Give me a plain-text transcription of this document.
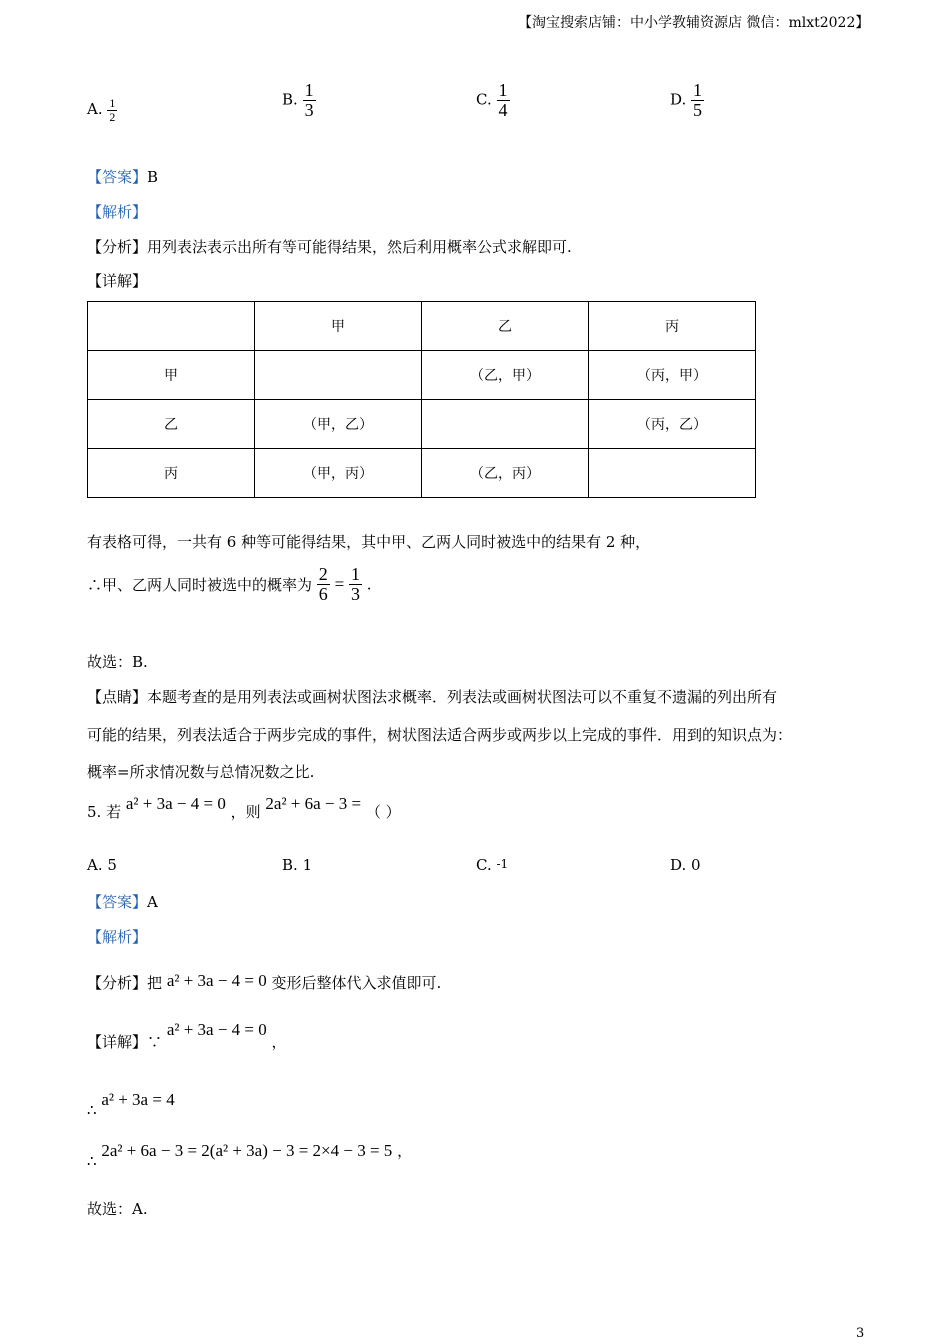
【淘宝搜索店铺：中小学教辅资源店 微信：mlxt2022】
A. $\frac{1}{2}$	B. $\frac{1}{3}$	C. $\frac{1}{4}$	D. $\frac{1}{5}$
【答案】B
【解析】
【分析】用列表法表示出所有等可能得结果，然后利用概率公式求解即可.
【详解】
	甲	乙	丙
甲		（乙，甲）	（丙，甲）
乙	（甲，乙）		（丙，乙）
丙	（甲，丙）	（乙，丙）	
有表格可得，一共有 6 种等可能得结果，其中甲、乙两人同时被选中的结果有 2 种，
∴甲、乙两人同时被选中的概率为 $\frac{2}{6} = \frac{1}{3}$ .
故选：B.
【点睛】本题考查的是用列表法或画树状图法求概率．列表法或画树状图法可以不重复不遗漏的列出所有
可能的结果，列表法适合于两步完成的事件，树状图法适合两步或两步以上完成的事件．用到的知识点为：
概率=所求情况数与总情况数之比.
5. 若 a² + 3a − 4 = 0 ，则 2a² + 6a − 3 = （ ）
A. 5	B. 1	C. -1	D. 0
【答案】A
【解析】
【分析】把 a² + 3a − 4 = 0 变形后整体代入求值即可.
【详解】∵ a² + 3a − 4 = 0 ，
∴ a² + 3a = 4
∴ 2a² + 6a − 3 = 2(a² + 3a) − 3 = 2×4 − 3 = 5 ，
故选：A.
3
